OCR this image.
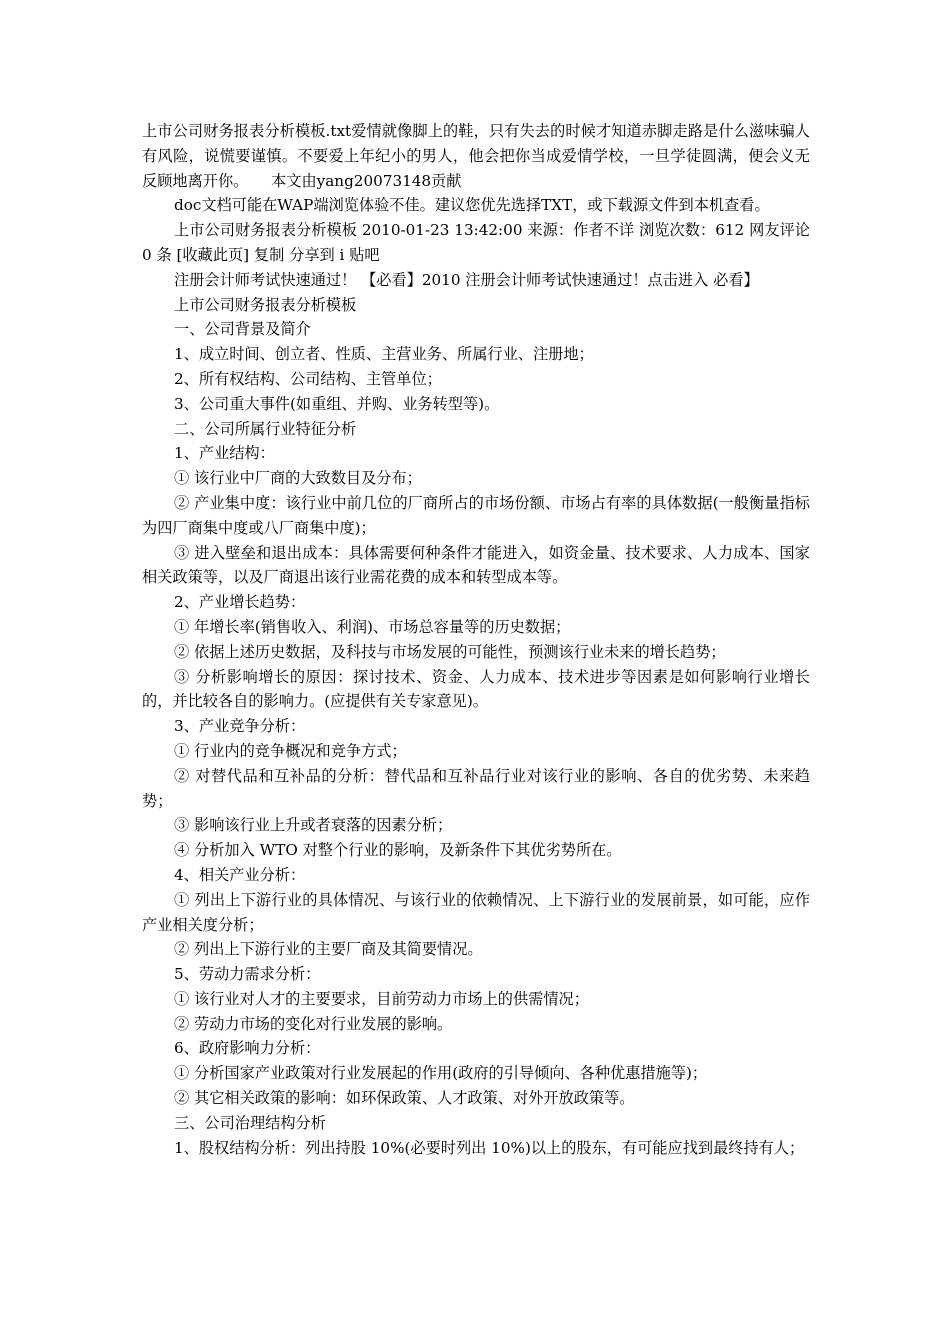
上市公司财务报表分析模板.txt爱情就像脚上的鞋，只有失去的时候才知道赤脚走路是什么滋味骗人有风险，说慌要谨慎。不要爱上年纪小的男人，他会把你当成爱情学校，一旦学徒圆满，便会义无反顾地离开你。　　本文由yang20073148贡献

doc文档可能在WAP端浏览体验不佳。建议您优先选择TXT，或下载源文件到本机查看。

上市公司财务报表分析模板 2010-01-23 13:42:00 来源：作者不详 浏览次数：612 网友评论 0 条 [收藏此页] 复制 分享到 i 贴吧

注册会计师考试快速通过！ 【必看】2010 注册会计师考试快速通过！点击进入 必看】

上市公司财务报表分析模板

一、公司背景及简介

1、成立时间、创立者、性质、主营业务、所属行业、注册地；

2、所有权结构、公司结构、主管单位；

3、公司重大事件(如重组、并购、业务转型等)。

二、公司所属行业特征分析

1、产业结构：

① 该行业中厂商的大致数目及分布；

② 产业集中度：该行业中前几位的厂商所占的市场份额、市场占有率的具体数据(一般衡量指标为四厂商集中度或八厂商集中度)；

③ 进入壁垒和退出成本：具体需要何种条件才能进入，如资金量、技术要求、人力成本、国家相关政策等，以及厂商退出该行业需花费的成本和转型成本等。

2、产业增长趋势：

① 年增长率(销售收入、利润)、市场总容量等的历史数据；

② 依据上述历史数据，及科技与市场发展的可能性，预测该行业未来的增长趋势；

③ 分析影响增长的原因：探讨技术、资金、人力成本、技术进步等因素是如何影响行业增长的，并比较各自的影响力。(应提供有关专家意见)。

3、产业竞争分析：

① 行业内的竞争概况和竞争方式；

② 对替代品和互补品的分析：替代品和互补品行业对该行业的影响、各自的优劣势、未来趋势；

③ 影响该行业上升或者衰落的因素分析；

④ 分析加入 WTO 对整个行业的影响，及新条件下其优劣势所在。

4、相关产业分析：

① 列出上下游行业的具体情况、与该行业的依赖情况、上下游行业的发展前景，如可能，应作产业相关度分析；

② 列出上下游行业的主要厂商及其简要情况。

5、劳动力需求分析：

① 该行业对人才的主要要求，目前劳动力市场上的供需情况；

② 劳动力市场的变化对行业发展的影响。

6、政府影响力分析：

① 分析国家产业政策对行业发展起的作用(政府的引导倾向、各种优惠措施等)；

② 其它相关政策的影响：如环保政策、人才政策、对外开放政策等。

三、公司治理结构分析

1、股权结构分析：列出持股 10%(必要时列出 10%)以上的股东，有可能应找到最终持有人；
